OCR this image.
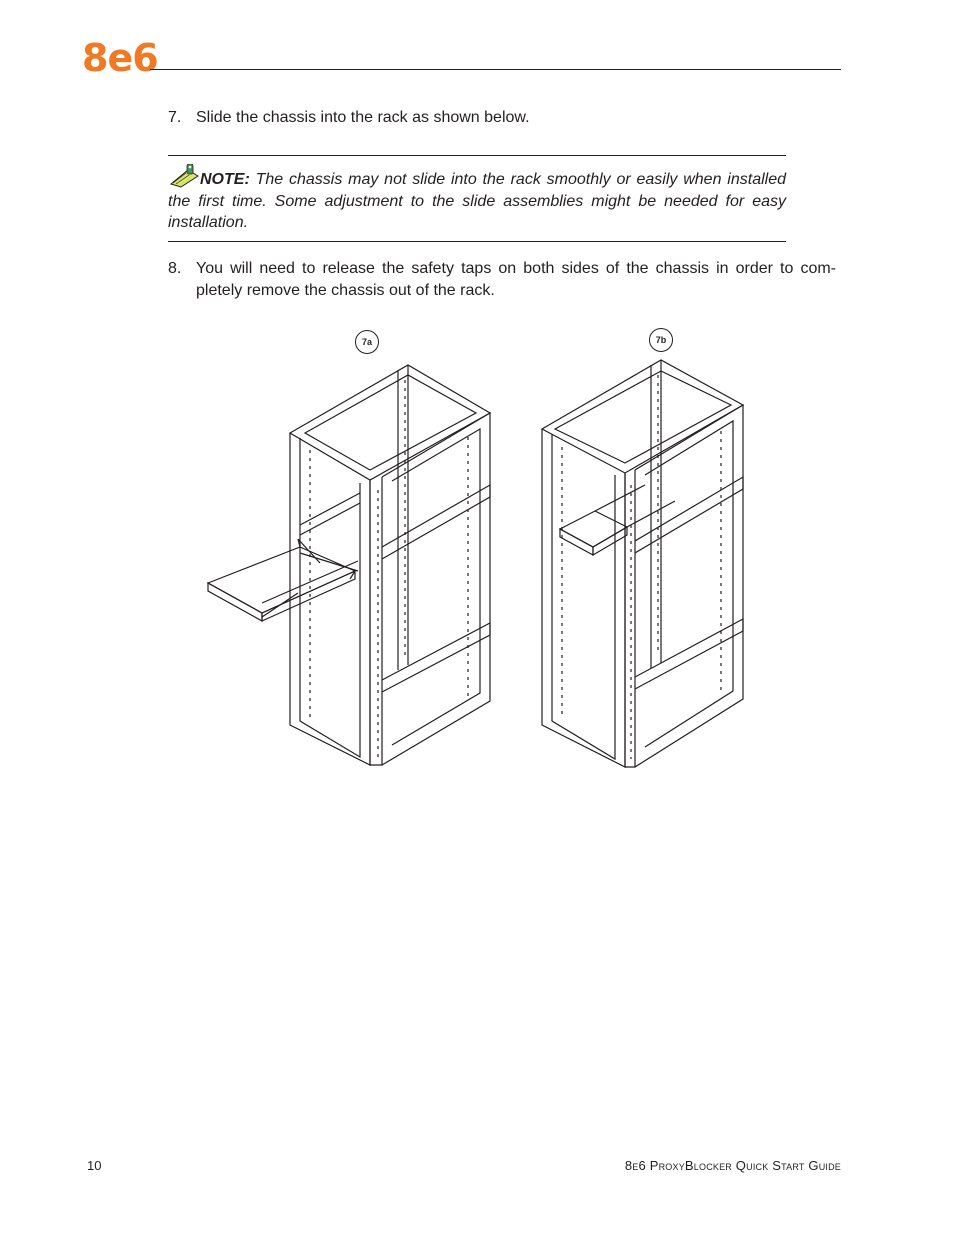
8e6
7. Slide the chassis into the rack as shown below.
NOTE: The chassis may not slide into the rack smoothly or easily when installed the first time. Some adjustment to the slide assemblies might be needed for easy installation.
8. You will need to release the safety taps on both sides of the chassis in order to com-pletely remove the chassis out of the rack.
7a	7b
10	8e6 ProxyBlocker Quick Start Guide
